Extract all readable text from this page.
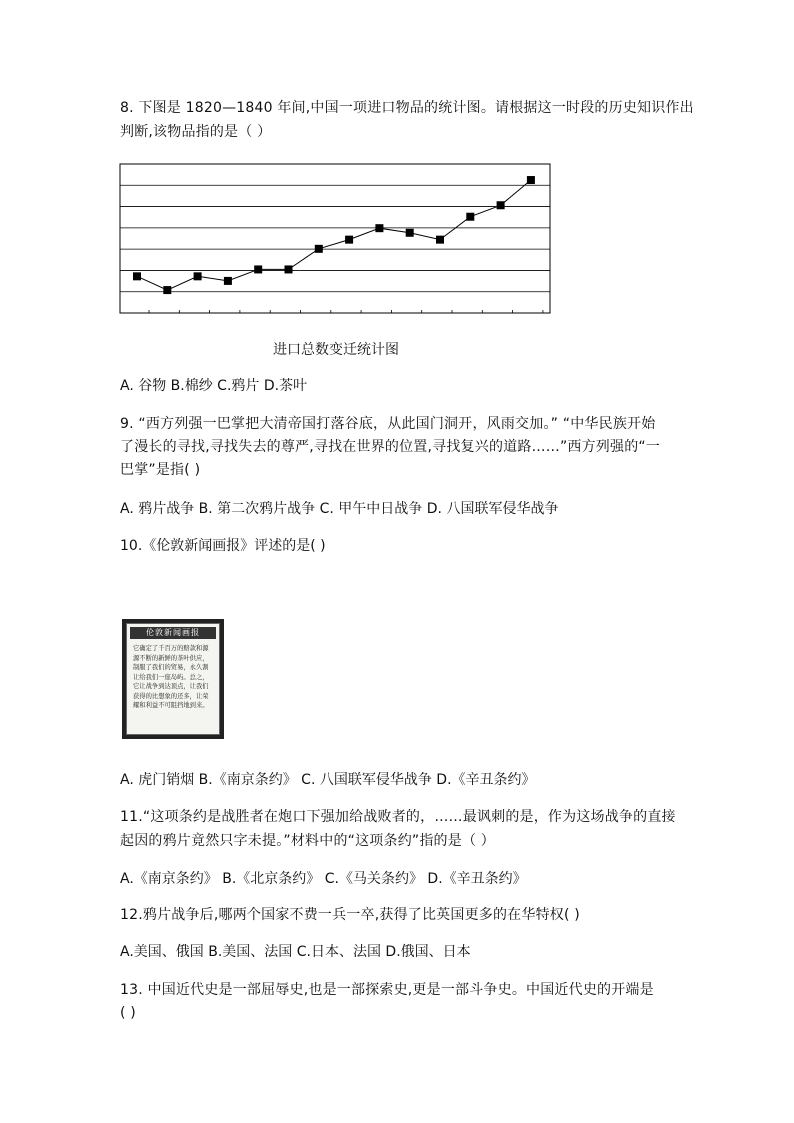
8. 下图是 1820—1840 年间,中国一项进口物品的统计图。请根据这一时段的历史知识作出
判断,该物品指的是（ ）
进口总数变迁统计图
A. 谷物 B.棉纱 C.鸦片 D.茶叶
9. “西方列强一巴掌把大清帝国打落谷底，从此国门洞开，风雨交加。” “中华民族开始
了漫长的寻找,寻找失去的尊严,寻找在世界的位置,寻找复兴的道路……”西方列强的“一
巴掌”是指( )
A. 鸦片战争 B. 第二次鸦片战争 C. 甲午中日战争 D. 八国联军侵华战争
10.《伦敦新闻画报》评述的是( )
伦敦新闻画报
它确定了千百万的赔款和源源不断的新鲜的茶叶供应，制服了我们的贸易，永久割让给我们一座岛屿。总之，它让战争到达顶点，让我们获得的比想象的还多，让荣耀和利益不可阻挡地到来。
A. 虎门销烟 B.《南京条约》 C. 八国联军侵华战争 D.《辛丑条约》
11.“这项条约是战胜者在炮口下强加给战败者的，……最讽刺的是，作为这场战争的直接
起因的鸦片竟然只字未提。”材料中的“这项条约”指的是（ ）
A.《南京条约》 B.《北京条约》 C.《马关条约》 D.《辛丑条约》
12.鸦片战争后,哪两个国家不费一兵一卒,获得了比英国更多的在华特权( )
A.美国、俄国 B.美国、法国 C.日本、法国 D.俄国、日本
13. 中国近代史是一部屈辱史,也是一部探索史,更是一部斗争史。中国近代史的开端是
( )
